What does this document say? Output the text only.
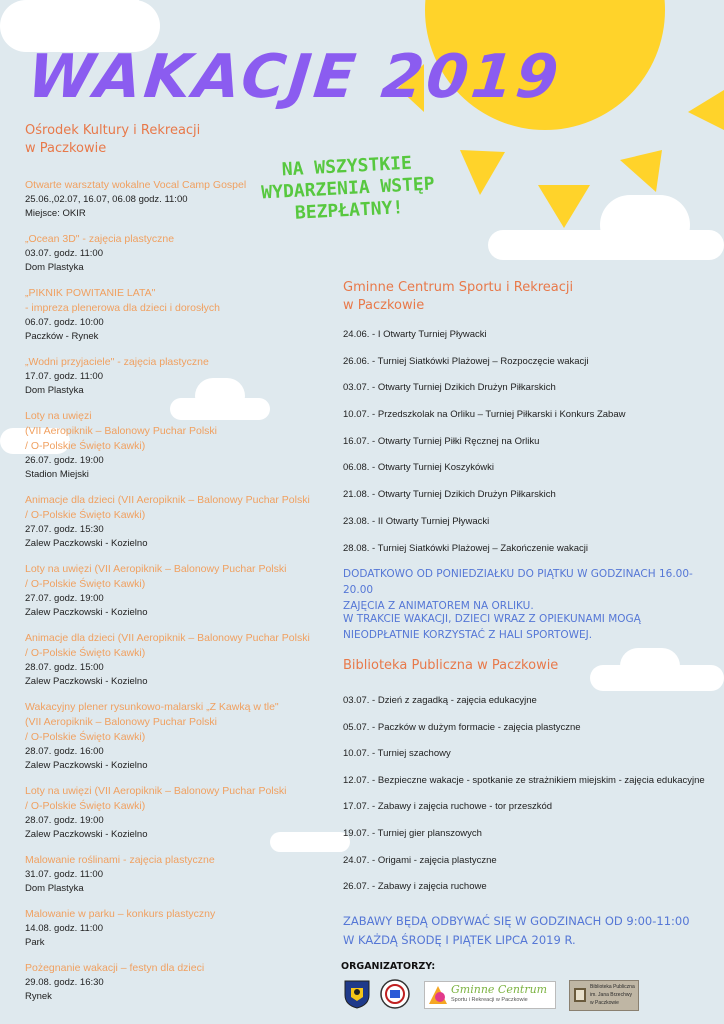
WAKACJE 2019
NA WSZYSTKIE WYDARZENIA WSTĘP BEZPŁATNY!
Ośrodek Kultury i Rekreacji
w Paczkowie
Otwarte warsztaty wokalne Vocal Camp Gospel
25.06.,02.07, 16.07, 06.08 godz. 11:00
Miejsce: OKIR
„Ocean 3D" - zajęcia plastyczne
03.07. godz. 11:00
Dom Plastyka
„PIKNIK POWITANIE LATA"
- impreza plenerowa dla dzieci i dorosłych
06.07. godz. 10:00
Paczków - Rynek
„Wodni przyjaciele" - zajęcia plastyczne
17.07. godz. 11:00
Dom Plastyka
Loty na uwięzi
(VII Aeropiknik – Balonowy Puchar Polski
/ O-Polskie Święto Kawki)
26.07. godz. 19:00
Stadion Miejski
Animacje dla dzieci (VII Aeropiknik – Balonowy Puchar Polski
/ O-Polskie Święto Kawki)
27.07. godz. 15:30
Zalew Paczkowski - Kozielno
Loty na uwięzi (VII Aeropiknik – Balonowy Puchar Polski
/ O-Polskie Święto Kawki)
27.07. godz. 19:00
Zalew Paczkowski - Kozielno
Animacje dla dzieci (VII Aeropiknik – Balonowy Puchar Polski
/ O-Polskie Święto Kawki)
28.07. godz. 15:00
Zalew Paczkowski - Kozielno
Wakacyjny plener rysunkowo-malarski „Z Kawką w tle"
(VII Aeropiknik – Balonowy Puchar Polski
/ O-Polskie Święto Kawki)
28.07. godz. 16:00
Zalew Paczkowski - Kozielno
Loty na uwięzi (VII Aeropiknik – Balonowy Puchar Polski
/ O-Polskie Święto Kawki)
28.07. godz. 19:00
Zalew Paczkowski - Kozielno
Malowanie roślinami - zajęcia plastyczne
31.07. godz. 11:00
Dom Plastyka
Malowanie w parku – konkurs plastyczny
14.08. godz. 11:00
Park
Pożegnanie wakacji – festyn dla dzieci
29.08. godz. 16:30
Rynek
Gminne Centrum Sportu i Rekreacji
w Paczkowie
24.06. - I Otwarty Turniej Pływacki
26.06. - Turniej Siatkówki Plażowej – Rozpoczęcie wakacji
03.07. - Otwarty Turniej Dzikich Drużyn Piłkarskich
10.07. - Przedszkolak na Orliku – Turniej Piłkarski i Konkurs Zabaw
16.07. - Otwarty Turniej Piłki Ręcznej na Orliku
06.08. - Otwarty Turniej Koszykówki
21.08. - Otwarty Turniej Dzikich Drużyn Piłkarskich
23.08. - II Otwarty Turniej Pływacki
28.08. - Turniej Siatkówki Plażowej – Zakończenie wakacji
DODATKOWO OD PONIEDZIAŁKU DO PIĄTKU W GODZINACH 16.00-20.00
ZAJĘCIA Z ANIMATOREM NA ORLIKU.
W TRAKCIE WAKACJI, DZIECI WRAZ Z OPIEKUNAMI MOGĄ
NIEODPŁATNIE KORZYSTAĆ Z HALI SPORTOWEJ.
Biblioteka Publiczna w Paczkowie
03.07. - Dzień z zagadką - zajęcia edukacyjne
05.07. - Paczków w dużym formacie - zajęcia plastyczne
10.07. - Turniej szachowy
12.07. - Bezpieczne wakacje - spotkanie ze strażnikiem miejskim - zajęcia edukacyjne
17.07. - Zabawy i zajęcia ruchowe - tor przeszkód
19.07. - Turniej gier planszowych
24.07. - Origami - zajęcia plastyczne
26.07. - Zabawy i zajęcia ruchowe
ZABAWY BĘDĄ ODBYWAĆ SIĘ W GODZINACH OD 9:00-11:00
W KAŻDĄ ŚRODĘ I PIĄTEK LIPCA 2019 R.
ORGANIZATORZY:
Gminne Centrum
Sportu i Rekreacji w Paczkowie
Biblioteka Publiczna
im. Jana Brzechwy
w Paczkowie
